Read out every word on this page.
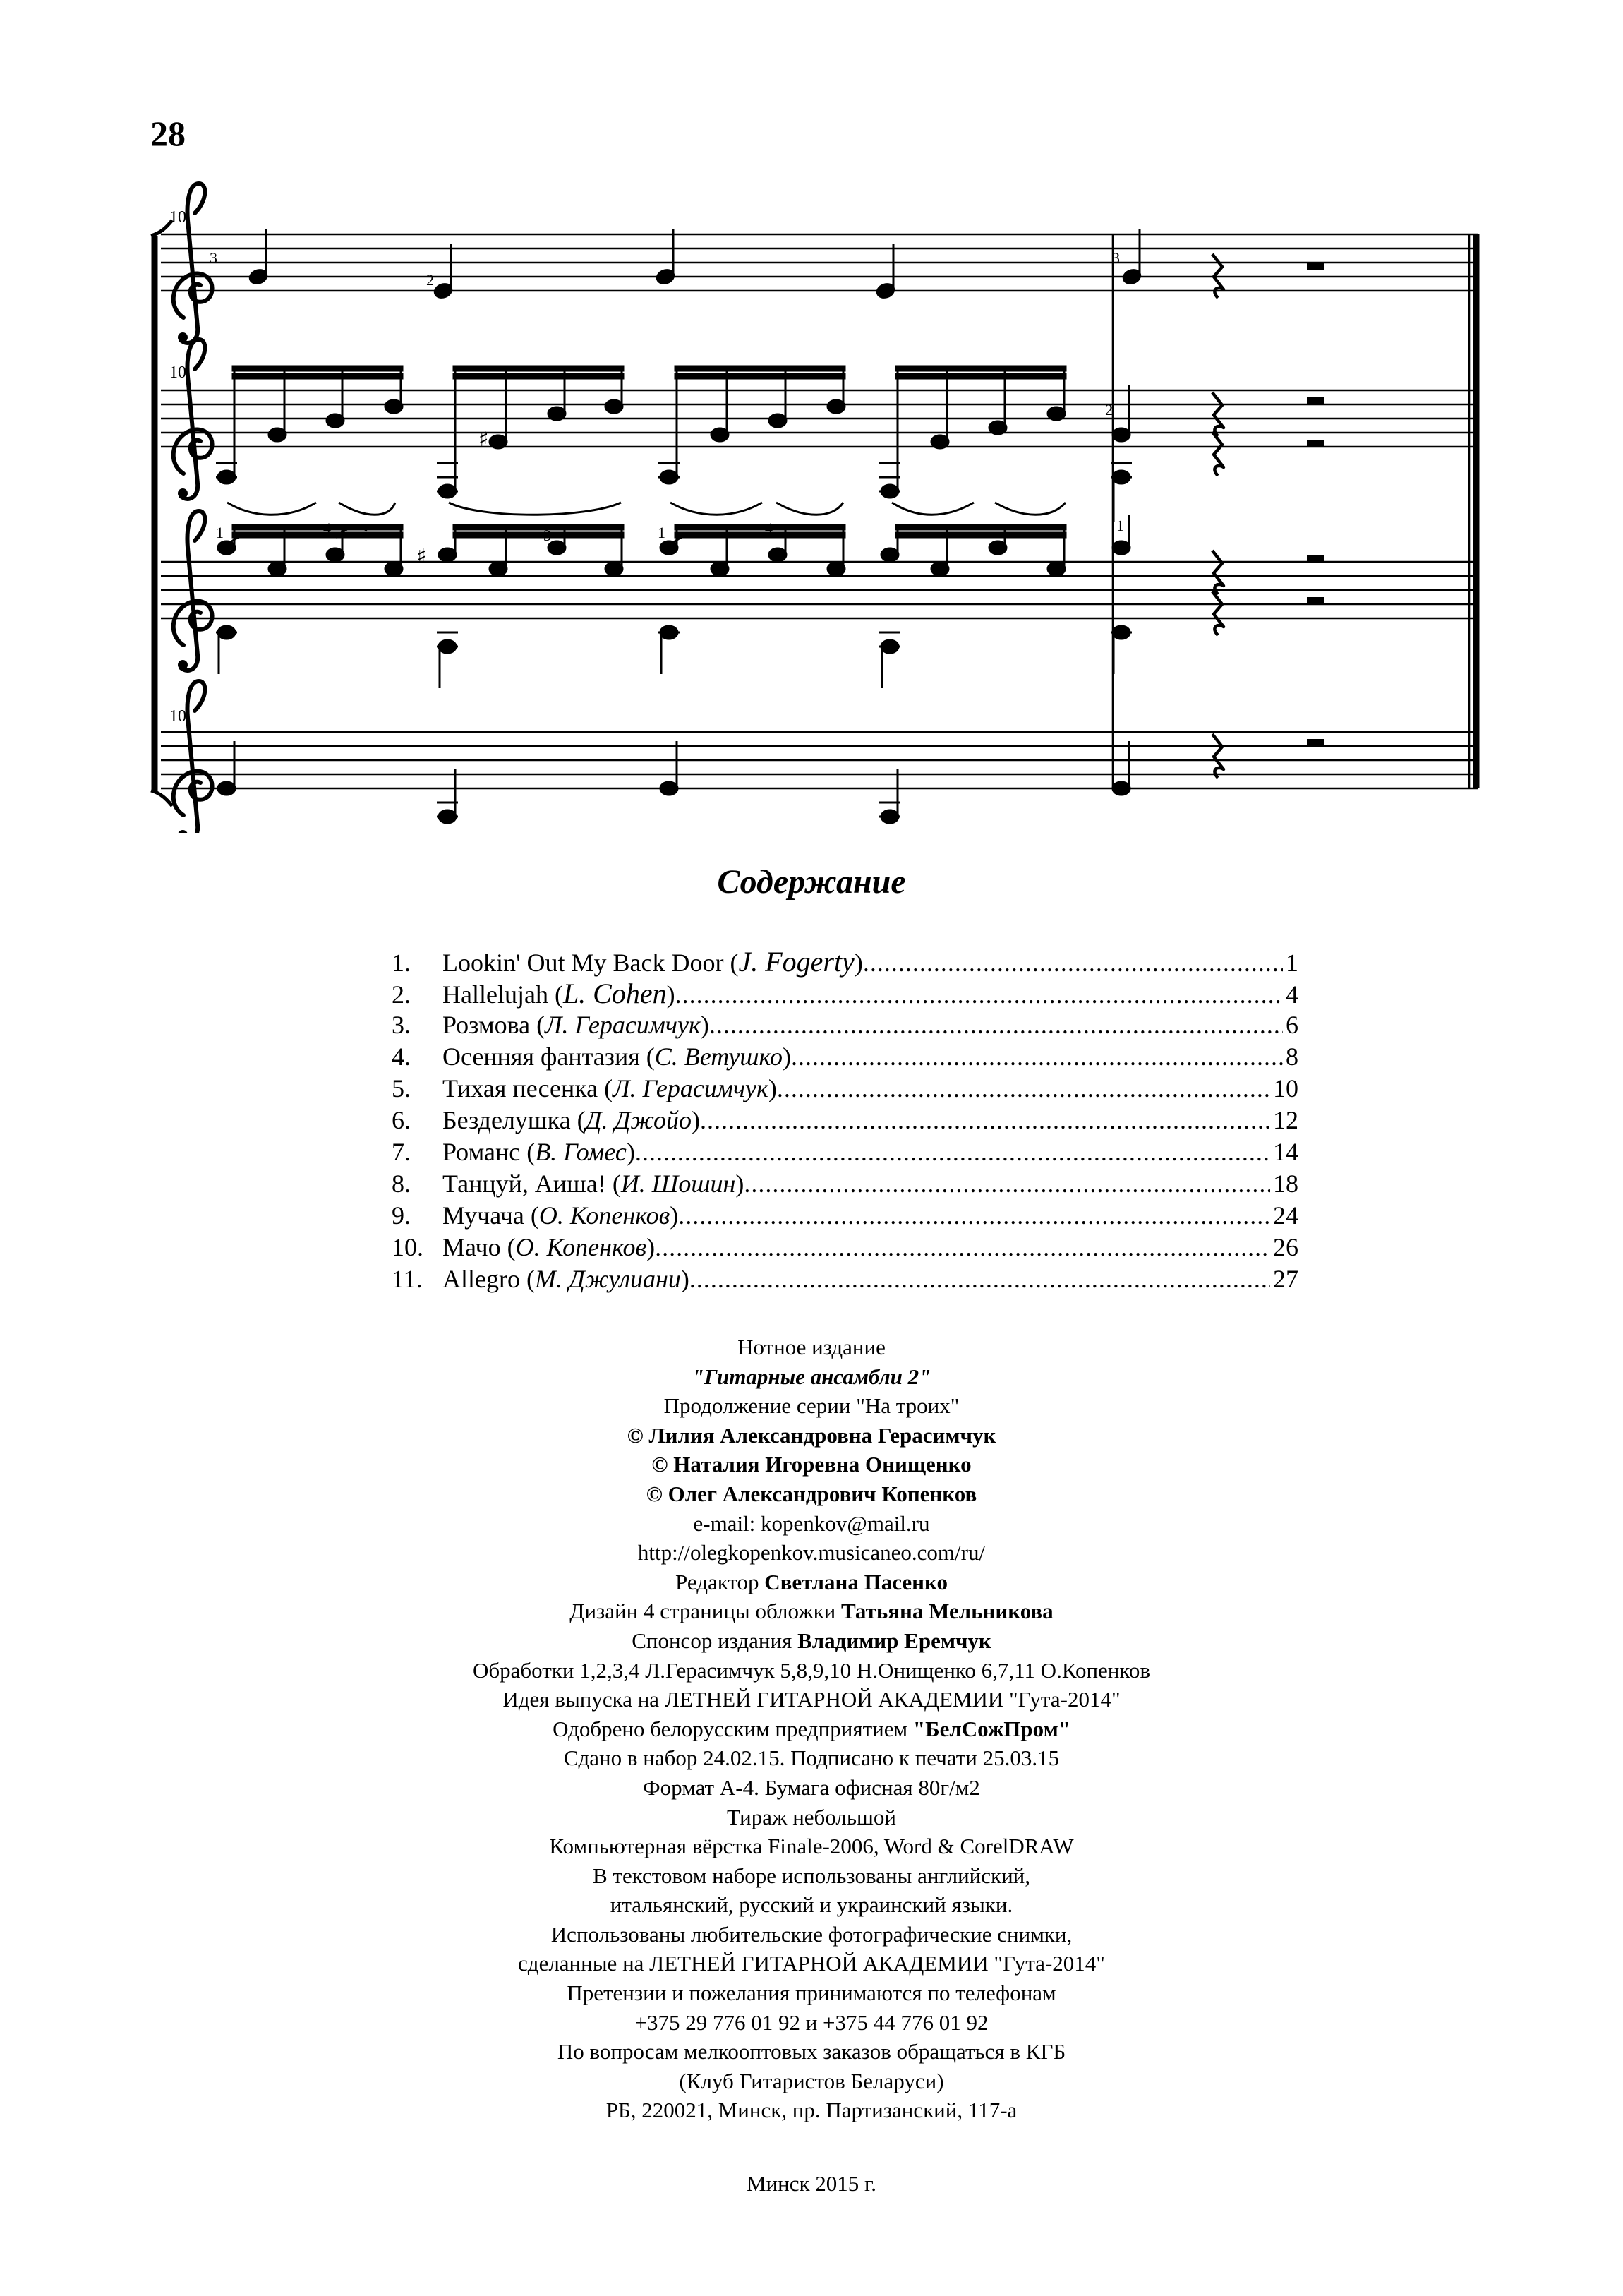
28
10
10
10
3
2
3
♯
2
♯
1	4	3	1	4	1
Содержание
1.	Lookin' Out My Back Door (J. Fogerty) .....	1
2.	Hallelujah (L. Cohen) .....	4
3.	Розмова (Л. Герасимчук) .....	6
4.	Осенняя фантазия (С. Ветушко) .....	8
5.	Тихая песенка (Л. Герасимчук) .....	10
6.	Безделушка (Д. Джойо) .....	12
7.	Романс (В. Гомес) .....	14
8.	Танцуй, Аиша! (И. Шошин) .....	18
9.	Мучача (О. Копенков) .....	24
10. Мачо (О. Копенков) .....	26
11. Allegro (М. Джулиани) .....	27
Нотное издание
"Гитарные ансамбли 2"
Продолжение серии "На троих"
© Лилия Александровна Герасимчук
© Наталия Игоревна Онищенко
© Олег Александрович Копенков
e-mail: kopenkov@mail.ru
http://olegkopenkov.musicaneo.com/ru/
Редактор Светлана Пасенко
Дизайн 4 страницы обложки Татьяна Мельникова
Спонсор издания Владимир Еремчук
Обработки 1,2,3,4 Л.Герасимчук 5,8,9,10 Н.Онищенко 6,7,11 О.Копенков
Идея выпуска на ЛЕТНЕЙ ГИТАРНОЙ АКАДЕМИИ "Гута-2014"
Одобрено белорусским предприятием "БелСожПром"
Сдано в набор 24.02.15. Подписано к печати 25.03.15
Формат А-4. Бумага офисная 80г/м2
Тираж небольшой
Компьютерная вёрстка Finale-2006, Word & CorelDRAW
В текстовом наборе использованы английский,
итальянский, русский и украинский языки.
Использованы любительские фотографические снимки,
сделанные на ЛЕТНЕЙ ГИТАРНОЙ АКАДЕМИИ "Гута-2014"
Претензии и пожелания принимаются по телефонам
+375 29 776 01 92 и +375 44 776 01 92
По вопросам мелкооптовых заказов обращаться в КГБ
(Клуб Гитаристов Беларуси)
РБ, 220021, Минск, пр. Партизанский, 117-а
Минск 2015 г.
